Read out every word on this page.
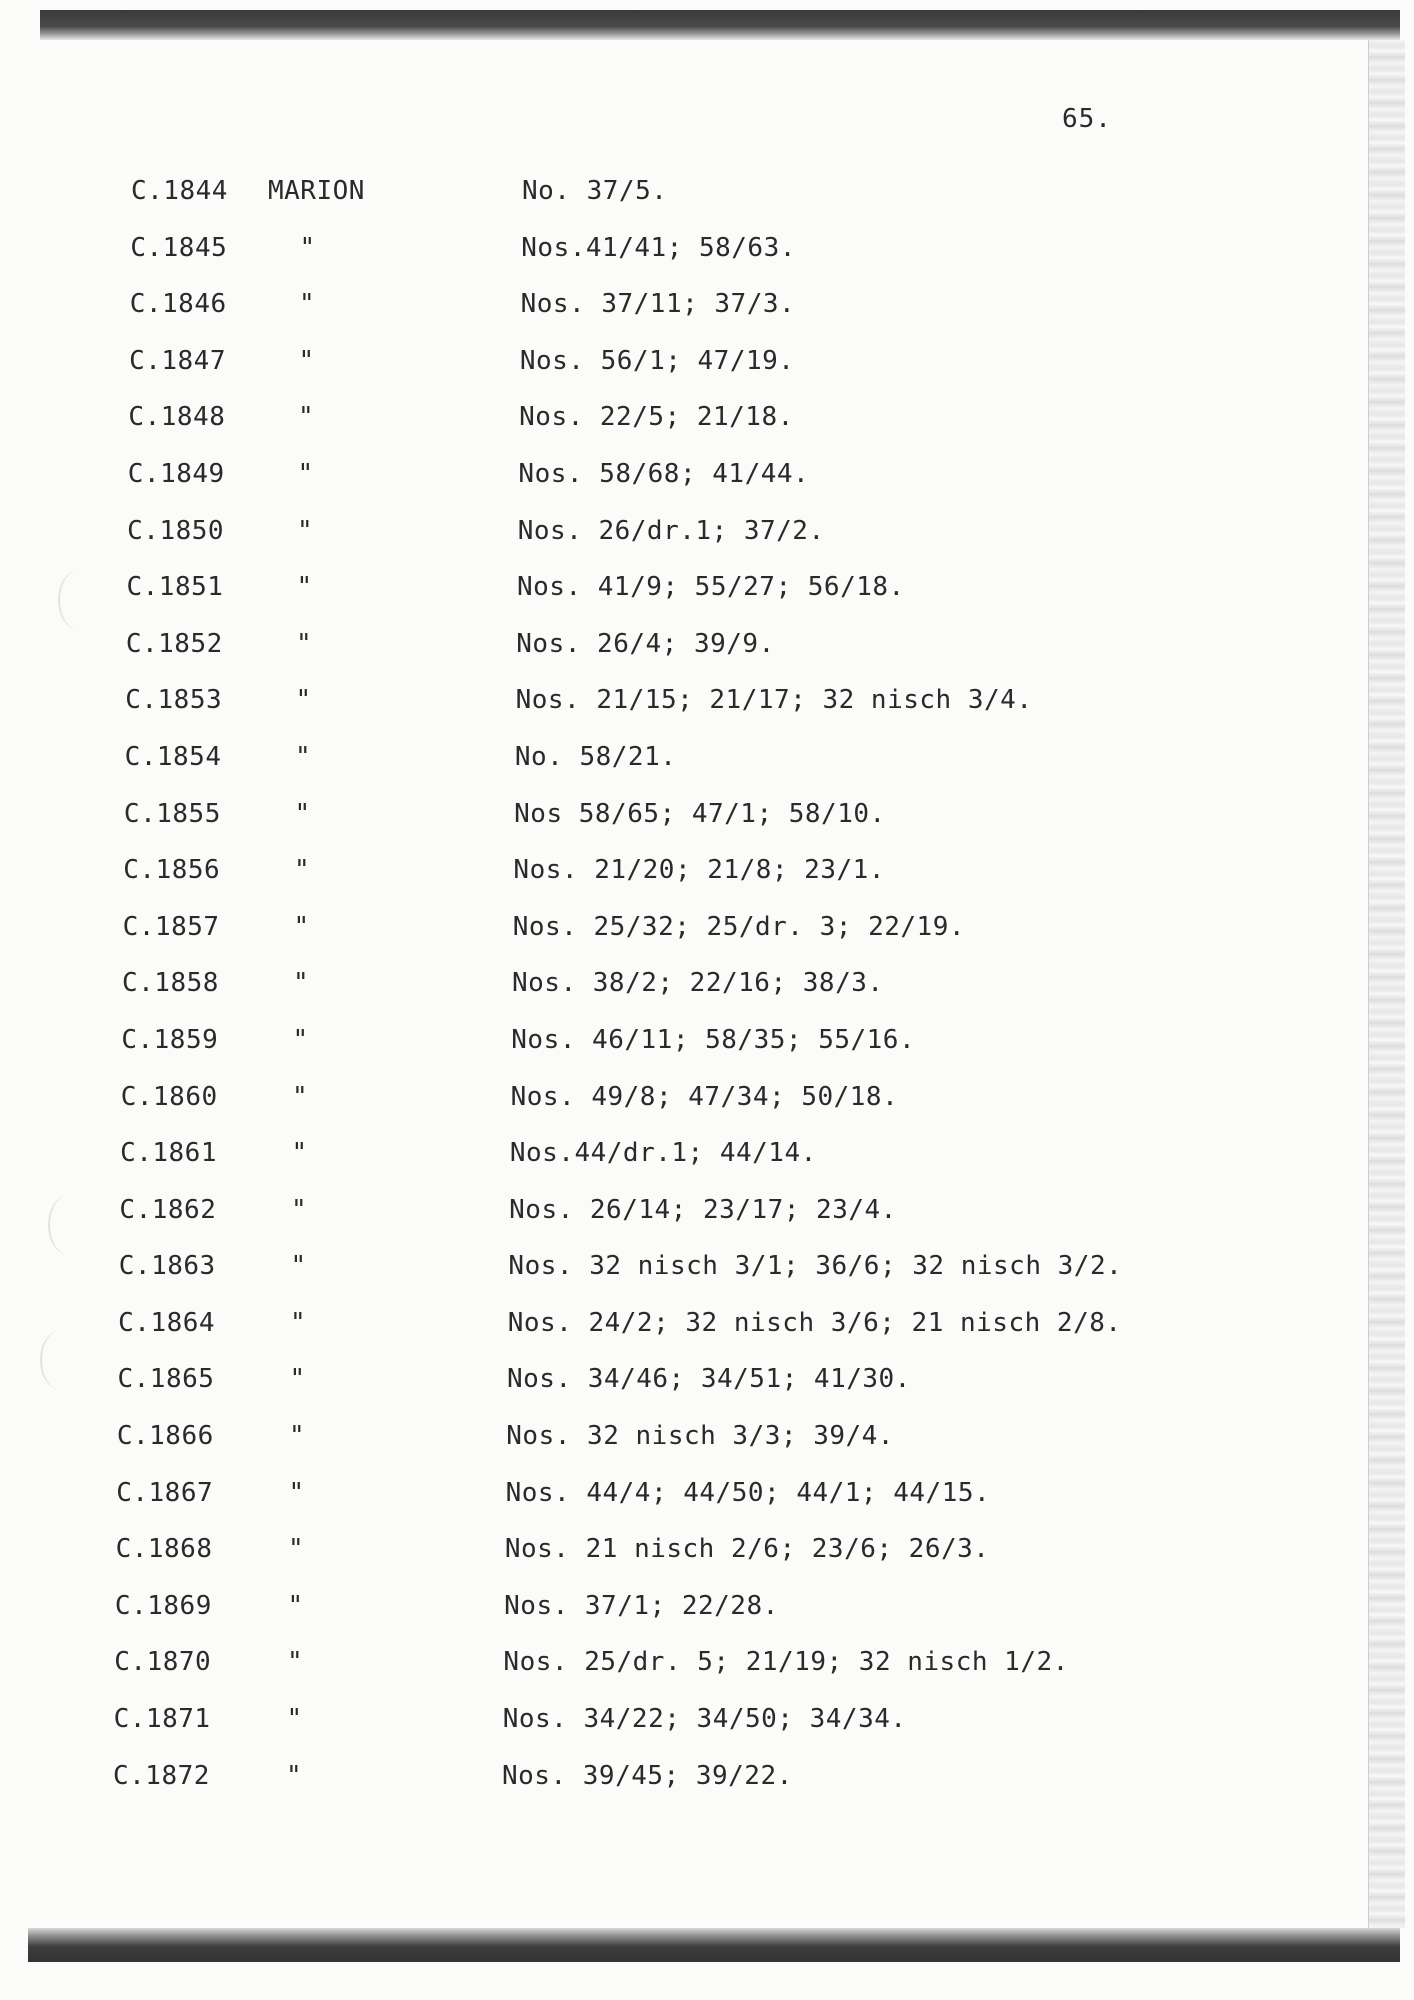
65.
C.1844 MARION	No. 37/5.
C.1845	"	Nos.41/41; 58/63.
C.1846	"	Nos. 37/11; 37/3.
C.1847	"	Nos. 56/1; 47/19.
C.1848	"	Nos. 22/5; 21/18.
C.1849	"	Nos. 58/68; 41/44.
C.1850	"	Nos. 26/dr.1; 37/2.
C.1851	"	Nos. 41/9; 55/27; 56/18.
C.1852	"	Nos. 26/4; 39/9.
C.1853	"	Nos. 21/15; 21/17; 32 nisch 3/4.
C.1854	"	No. 58/21.
C.1855	"	Nos 58/65; 47/1; 58/10.
C.1856	"	Nos. 21/20; 21/8; 23/1.
C.1857	"	Nos. 25/32; 25/dr. 3; 22/19.
C.1858	"	Nos. 38/2; 22/16; 38/3.
C.1859	"	Nos. 46/11; 58/35; 55/16.
C.1860	"	Nos. 49/8; 47/34; 50/18.
C.1861	"	Nos.44/dr.1; 44/14.
C.1862	"	Nos. 26/14; 23/17; 23/4.
C.1863	"	Nos. 32 nisch 3/1; 36/6; 32 nisch 3/2.
C.1864	"	Nos. 24/2; 32 nisch 3/6; 21 nisch 2/8.
C.1865	"	Nos. 34/46; 34/51; 41/30.
C.1866	"	Nos. 32 nisch 3/3; 39/4.
C.1867	"	Nos. 44/4; 44/50; 44/1; 44/15.
C.1868	"	Nos. 21 nisch 2/6; 23/6; 26/3.
C.1869	"	Nos. 37/1; 22/28.
C.1870	"	Nos. 25/dr. 5; 21/19; 32 nisch 1/2.
C.1871	"	Nos. 34/22; 34/50; 34/34.
C.1872	"	Nos. 39/45; 39/22.
